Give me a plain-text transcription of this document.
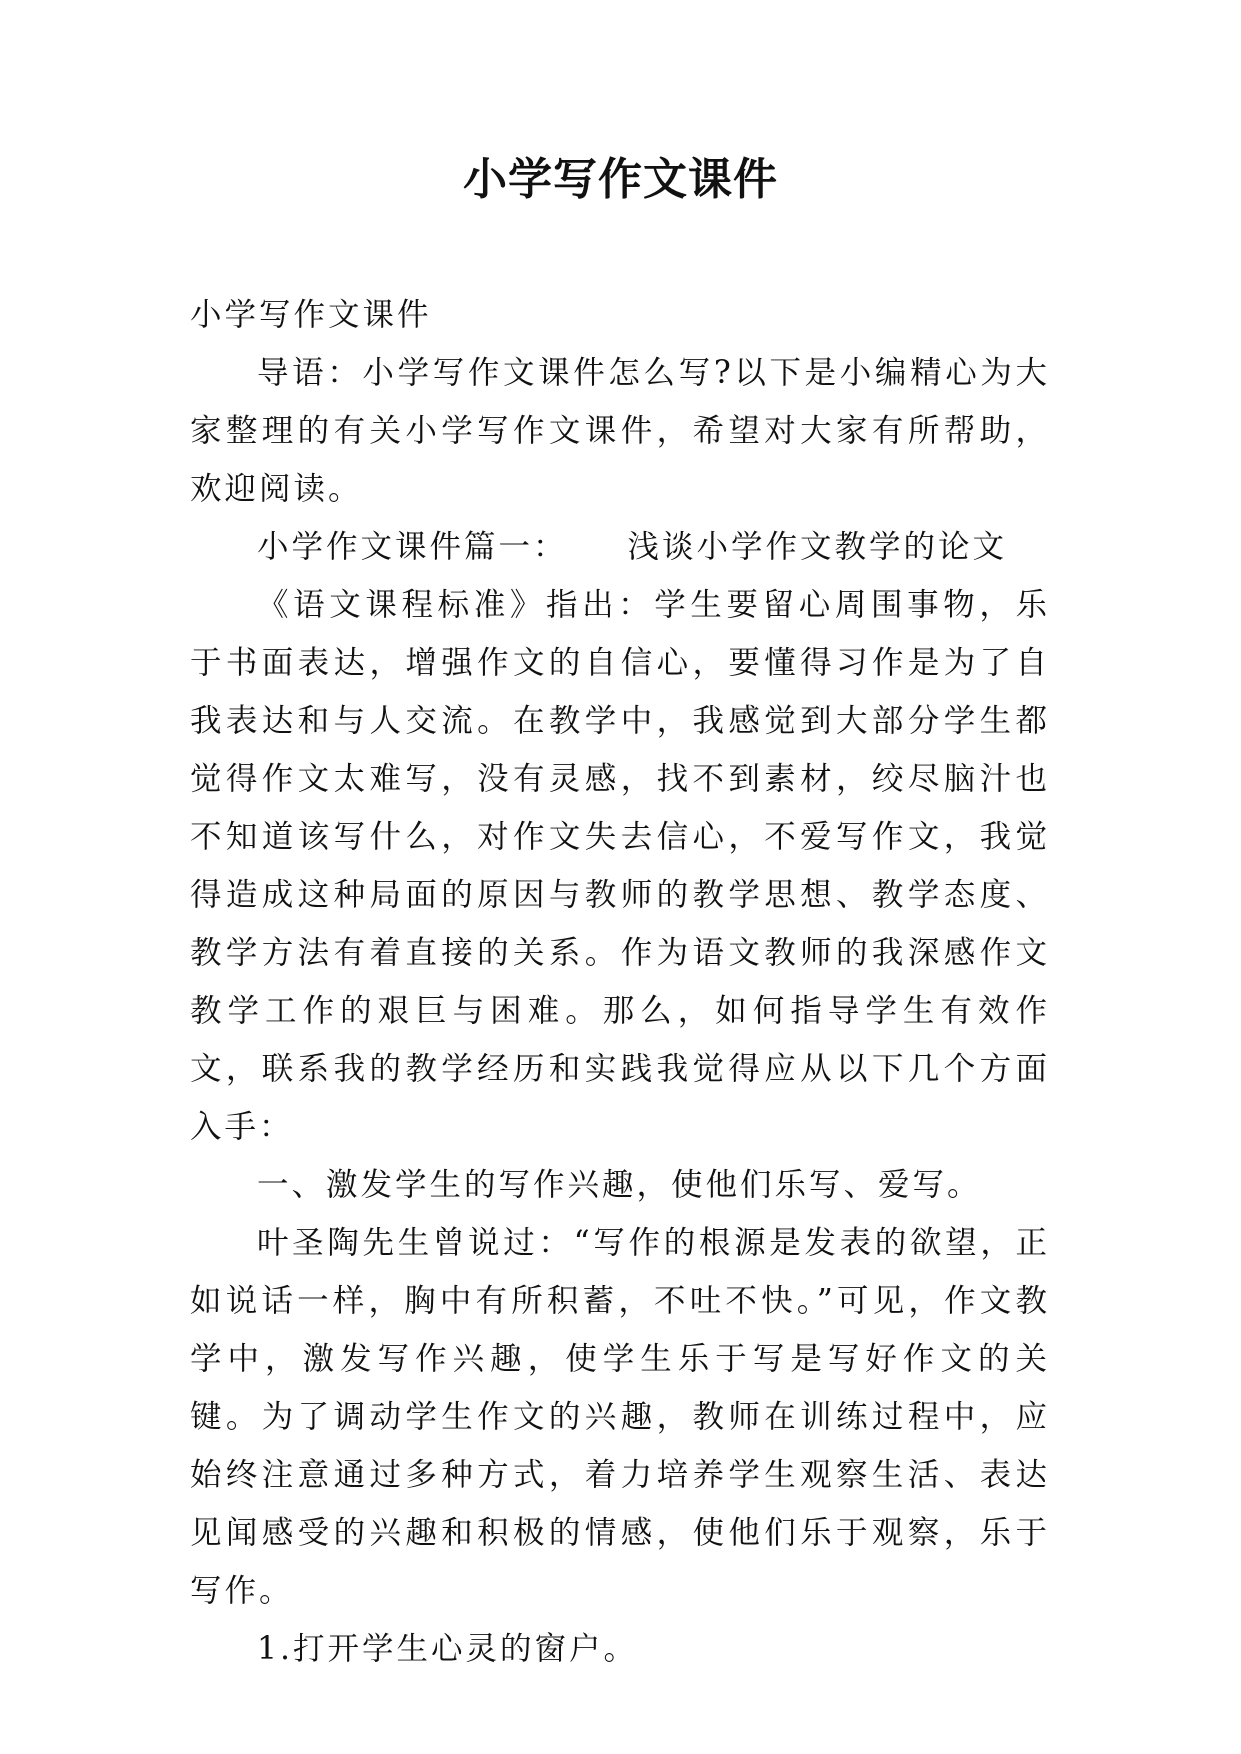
小学写作文课件

小学写作文课件

导语：小学写作文课件怎么写?以下是小编精心为大家整理的有关小学写作文课件，希望对大家有所帮助，欢迎阅读。

小学作文课件篇一： 浅谈小学作文教学的论文

《语文课程标准》指出：学生要留心周围事物，乐于书面表达，增强作文的自信心，要懂得习作是为了自我表达和与人交流。在教学中，我感觉到大部分学生都觉得作文太难写，没有灵感，找不到素材，绞尽脑汁也不知道该写什么，对作文失去信心，不爱写作文，我觉得造成这种局面的原因与教师的教学思想、教学态度、教学方法有着直接的关系。作为语文教师的我深感作文教学工作的艰巨与困难。那么，如何指导学生有效作文，联系我的教学经历和实践我觉得应从以下几个方面入手：

一、激发学生的写作兴趣，使他们乐写、爱写。

叶圣陶先生曾说过：“写作的根源是发表的欲望，正如说话一样，胸中有所积蓄，不吐不快。”可见，作文教学中，激发写作兴趣，使学生乐于写是写好作文的关键。为了调动学生作文的兴趣，教师在训练过程中，应始终注意通过多种方式，着力培养学生观察生活、表达见闻感受的兴趣和积极的情感，使他们乐于观察，乐于写作。

1.打开学生心灵的窗户。
